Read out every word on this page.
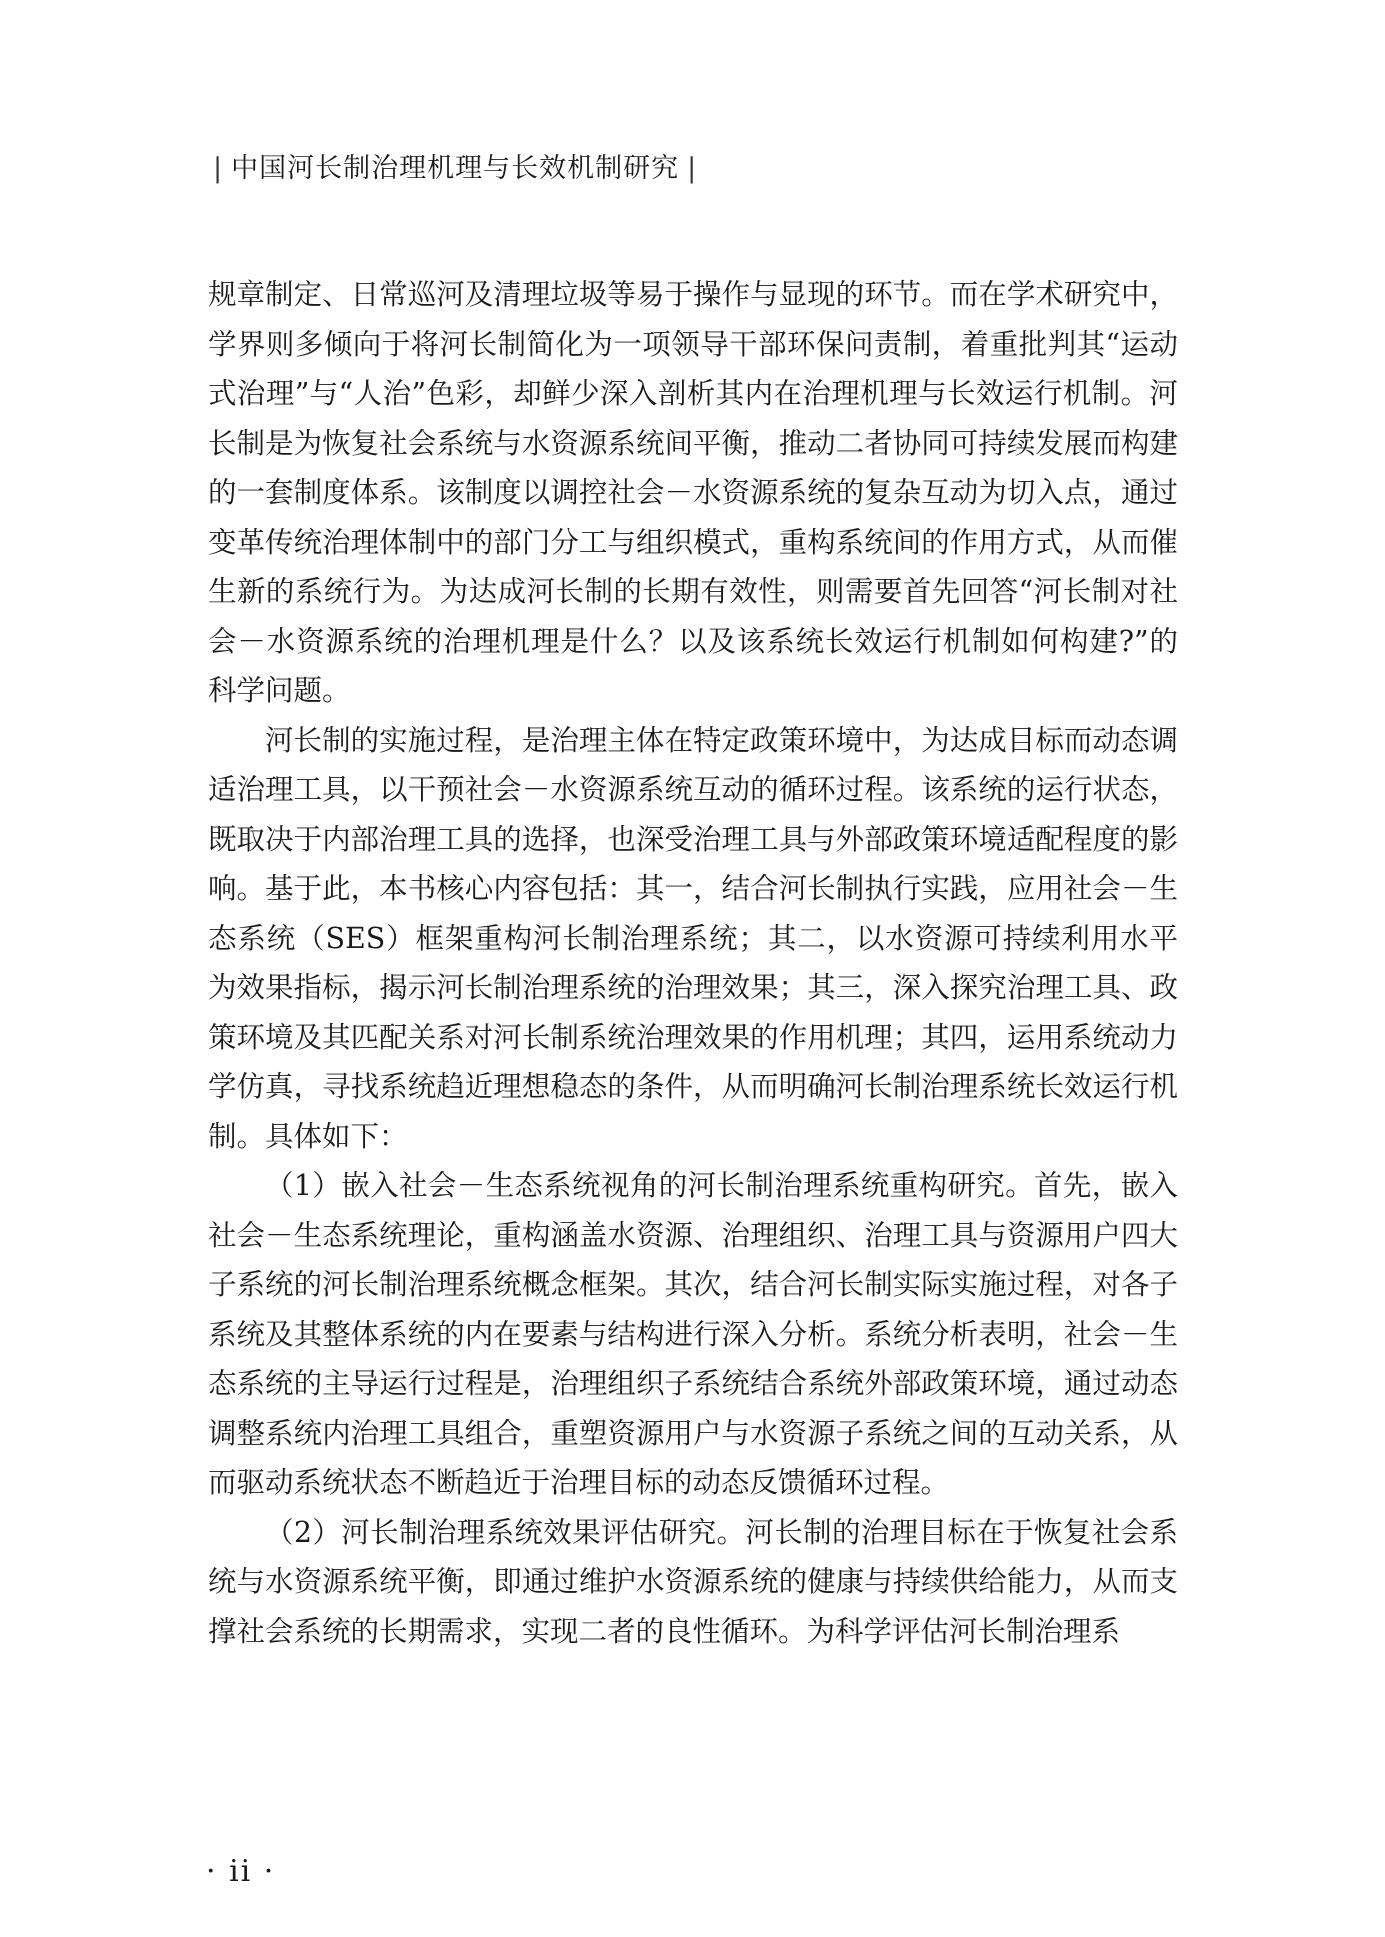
| 中国河长制治理机理与长效机制研究 |

规章制定、日常巡河及清理垃圾等易于操作与显现的环节。而在学术研究中，学界则多倾向于将河长制简化为一项领导干部环保问责制，着重批判其“运动式治理”与“人治”色彩，却鲜少深入剖析其内在治理机理与长效运行机制。河长制是为恢复社会系统与水资源系统间平衡，推动二者协同可持续发展而构建的一套制度体系。该制度以调控社会－水资源系统的复杂互动为切入点，通过变革传统治理体制中的部门分工与组织模式，重构系统间的作用方式，从而催生新的系统行为。为达成河长制的长期有效性，则需要首先回答“河长制对社会－水资源系统的治理机理是什么？以及该系统长效运行机制如何构建?”的科学问题。

河长制的实施过程，是治理主体在特定政策环境中，为达成目标而动态调适治理工具，以干预社会－水资源系统互动的循环过程。该系统的运行状态，既取决于内部治理工具的选择，也深受治理工具与外部政策环境适配程度的影响。基于此，本书核心内容包括：其一，结合河长制执行实践，应用社会－生态系统（SES）框架重构河长制治理系统；其二，以水资源可持续利用水平为效果指标，揭示河长制治理系统的治理效果；其三，深入探究治理工具、政策环境及其匹配关系对河长制系统治理效果的作用机理；其四，运用系统动力学仿真，寻找系统趋近理想稳态的条件，从而明确河长制治理系统长效运行机制。具体如下：

（1）嵌入社会－生态系统视角的河长制治理系统重构研究。首先，嵌入社会－生态系统理论，重构涵盖水资源、治理组织、治理工具与资源用户四大子系统的河长制治理系统概念框架。其次，结合河长制实际实施过程，对各子系统及其整体系统的内在要素与结构进行深入分析。系统分析表明，社会－生态系统的主导运行过程是，治理组织子系统结合系统外部政策环境，通过动态调整系统内治理工具组合，重塑资源用户与水资源子系统之间的互动关系，从而驱动系统状态不断趋近于治理目标的动态反馈循环过程。

（2）河长制治理系统效果评估研究。河长制的治理目标在于恢复社会系统与水资源系统平衡，即通过维护水资源系统的健康与持续供给能力，从而支撑社会系统的长期需求，实现二者的良性循环。为科学评估河长制治理系

· ii ·
